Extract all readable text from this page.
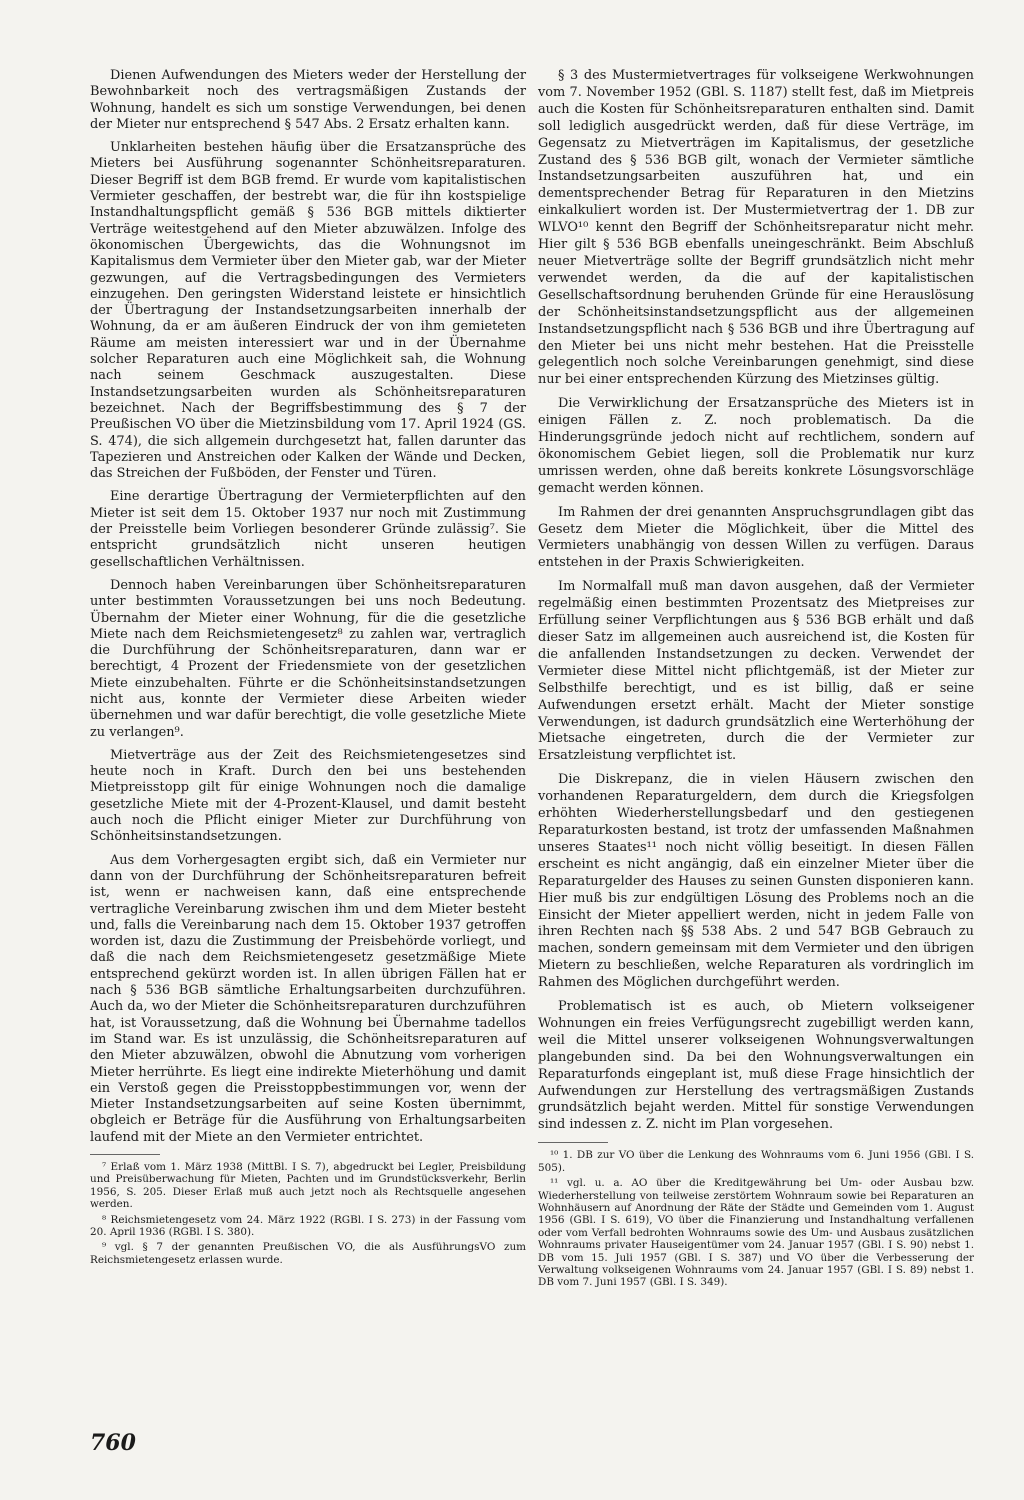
Dienen Aufwendungen des Mieters weder der Herstellung der Bewohnbarkeit noch des vertragsmäßigen Zustands der Wohnung, handelt es sich um sonstige Verwendungen, bei denen der Mieter nur entsprechend § 547 Abs. 2 Ersatz erhalten kann.

Unklarheiten bestehen häufig über die Ersatzansprüche des Mieters bei Ausführung sogenannter Schönheitsreparaturen. Dieser Begriff ist dem BGB fremd. Er wurde vom kapitalistischen Vermieter geschaffen, der bestrebt war, die für ihn kostspielige Instandhaltungspflicht gemäß § 536 BGB mittels diktierter Verträge weitestgehend auf den Mieter abzuwälzen. Infolge des ökonomischen Übergewichts, das die Wohnungsnot im Kapitalismus dem Vermieter über den Mieter gab, war der Mieter gezwungen, auf die Vertragsbedingungen des Vermieters einzugehen. Den geringsten Widerstand leistete er hinsichtlich der Übertragung der Instandsetzungsarbeiten innerhalb der Wohnung, da er am äußeren Eindruck der von ihm gemieteten Räume am meisten interessiert war und in der Übernahme solcher Reparaturen auch eine Möglichkeit sah, die Wohnung nach seinem Geschmack auszugestalten. Diese Instandsetzungsarbeiten wurden als Schönheitsreparaturen bezeichnet. Nach der Begriffsbestimmung des § 7 der Preußischen VO über die Mietzinsbildung vom 17. April 1924 (GS. S. 474), die sich allgemein durchgesetzt hat, fallen darunter das Tapezieren und Anstreichen oder Kalken der Wände und Decken, das Streichen der Fußböden, der Fenster und Türen.

Eine derartige Übertragung der Vermieterpflichten auf den Mieter ist seit dem 15. Oktober 1937 nur noch mit Zustimmung der Preisstelle beim Vorliegen besonderer Gründe zulässig⁷. Sie entspricht grundsätzlich nicht unseren heutigen gesellschaftlichen Verhältnissen.

Dennoch haben Vereinbarungen über Schönheitsreparaturen unter bestimmten Voraussetzungen bei uns noch Bedeutung. Übernahm der Mieter einer Wohnung, für die die gesetzliche Miete nach dem Reichsmietengesetz⁸ zu zahlen war, vertraglich die Durchführung der Schönheitsreparaturen, dann war er berechtigt, 4 Prozent der Friedensmiete von der gesetzlichen Miete einzubehalten. Führte er die Schönheitsinstandsetzungen nicht aus, konnte der Vermieter diese Arbeiten wieder übernehmen und war dafür berechtigt, die volle gesetzliche Miete zu verlangen⁹.

Mietverträge aus der Zeit des Reichsmietengesetzes sind heute noch in Kraft. Durch den bei uns bestehenden Mietpreisstopp gilt für einige Wohnungen noch die damalige gesetzliche Miete mit der 4-Prozent-Klausel, und damit besteht auch noch die Pflicht einiger Mieter zur Durchführung von Schönheitsinstandsetzungen.

Aus dem Vorhergesagten ergibt sich, daß ein Vermieter nur dann von der Durchführung der Schönheitsreparaturen befreit ist, wenn er nachweisen kann, daß eine entsprechende vertragliche Vereinbarung zwischen ihm und dem Mieter besteht und, falls die Vereinbarung nach dem 15. Oktober 1937 getroffen worden ist, dazu die Zustimmung der Preisbehörde vorliegt, und daß die nach dem Reichsmietengesetz gesetzmäßige Miete entsprechend gekürzt worden ist. In allen übrigen Fällen hat er nach § 536 BGB sämtliche Erhaltungsarbeiten durchzuführen. Auch da, wo der Mieter die Schönheitsreparaturen durchzuführen hat, ist Voraussetzung, daß die Wohnung bei Übernahme tadellos im Stand war. Es ist unzulässig, die Schönheitsreparaturen auf den Mieter abzuwälzen, obwohl die Abnutzung vom vorherigen Mieter herrührte. Es liegt eine indirekte Mieterhöhung und damit ein Verstoß gegen die Preisstoppbestimmungen vor, wenn der Mieter Instandsetzungsarbeiten auf seine Kosten übernimmt, obgleich er Beträge für die Ausführung von Erhaltungsarbeiten laufend mit der Miete an den Vermieter entrichtet.

⁷ Erlaß vom 1. März 1938 (MittBl. I S. 7), abgedruckt bei Legler, Preisbildung und Preisüberwachung für Mieten, Pachten und im Grundstücksverkehr, Berlin 1956, S. 205. Dieser Erlaß muß auch jetzt noch als Rechtsquelle angesehen werden.

⁸ Reichsmietengesetz vom 24. März 1922 (RGBl. I S. 273) in der Fassung vom 20. April 1936 (RGBl. I S. 380).

⁹ vgl. § 7 der genannten Preußischen VO, die als AusführungsVO zum Reichsmietengesetz erlassen wurde.

§ 3 des Mustermietvertrages für volkseigene Werkwohnungen vom 7. November 1952 (GBl. S. 1187) stellt fest, daß im Mietpreis auch die Kosten für Schönheitsreparaturen enthalten sind. Damit soll lediglich ausgedrückt werden, daß für diese Verträge, im Gegensatz zu Mietverträgen im Kapitalismus, der gesetzliche Zustand des § 536 BGB gilt, wonach der Vermieter sämtliche Instandsetzungsarbeiten auszuführen hat, und ein dementsprechender Betrag für Reparaturen in den Mietzins einkalkuliert worden ist. Der Mustermietvertrag der 1. DB zur WLVO¹⁰ kennt den Begriff der Schönheitsreparatur nicht mehr. Hier gilt § 536 BGB ebenfalls uneingeschränkt. Beim Abschluß neuer Mietverträge sollte der Begriff grundsätzlich nicht mehr verwendet werden, da die auf der kapitalistischen Gesellschaftsordnung beruhenden Gründe für eine Herauslösung der Schönheitsinstandsetzungspflicht aus der allgemeinen Instandsetzungspflicht nach § 536 BGB und ihre Übertragung auf den Mieter bei uns nicht mehr bestehen. Hat die Preisstelle gelegentlich noch solche Vereinbarungen genehmigt, sind diese nur bei einer entsprechenden Kürzung des Mietzinses gültig.

Die Verwirklichung der Ersatzansprüche des Mieters ist in einigen Fällen z. Z. noch problematisch. Da die Hinderungsgründe jedoch nicht auf rechtlichem, sondern auf ökonomischem Gebiet liegen, soll die Problematik nur kurz umrissen werden, ohne daß bereits konkrete Lösungsvorschläge gemacht werden können.

Im Rahmen der drei genannten Anspruchsgrundlagen gibt das Gesetz dem Mieter die Möglichkeit, über die Mittel des Vermieters unabhängig von dessen Willen zu verfügen. Daraus entstehen in der Praxis Schwierigkeiten.

Im Normalfall muß man davon ausgehen, daß der Vermieter regelmäßig einen bestimmten Prozentsatz des Mietpreises zur Erfüllung seiner Verpflichtungen aus § 536 BGB erhält und daß dieser Satz im allgemeinen auch ausreichend ist, die Kosten für die anfallenden Instandsetzungen zu decken. Verwendet der Vermieter diese Mittel nicht pflichtgemäß, ist der Mieter zur Selbsthilfe berechtigt, und es ist billig, daß er seine Aufwendungen ersetzt erhält. Macht der Mieter sonstige Verwendungen, ist dadurch grundsätzlich eine Werterhöhung der Mietsache eingetreten, durch die der Vermieter zur Ersatzleistung verpflichtet ist.

Die Diskrepanz, die in vielen Häusern zwischen den vorhandenen Reparaturgeldern, dem durch die Kriegsfolgen erhöhten Wiederherstellungsbedarf und den gestiegenen Reparaturkosten bestand, ist trotz der umfassenden Maßnahmen unseres Staates¹¹ noch nicht völlig beseitigt. In diesen Fällen erscheint es nicht angängig, daß ein einzelner Mieter über die Reparaturgelder des Hauses zu seinen Gunsten disponieren kann. Hier muß bis zur endgültigen Lösung des Problems noch an die Einsicht der Mieter appelliert werden, nicht in jedem Falle von ihren Rechten nach §§ 538 Abs. 2 und 547 BGB Gebrauch zu machen, sondern gemeinsam mit dem Vermieter und den übrigen Mietern zu beschließen, welche Reparaturen als vordringlich im Rahmen des Möglichen durchgeführt werden.

Problematisch ist es auch, ob Mietern volkseigener Wohnungen ein freies Verfügungsrecht zugebilligt werden kann, weil die Mittel unserer volkseigenen Wohnungsverwaltungen plangebunden sind. Da bei den Wohnungsverwaltungen ein Reparaturfonds eingeplant ist, muß diese Frage hinsichtlich der Aufwendungen zur Herstellung des vertragsmäßigen Zustands grundsätzlich bejaht werden. Mittel für sonstige Verwendungen sind indessen z. Z. nicht im Plan vorgesehen.

¹⁰ 1. DB zur VO über die Lenkung des Wohnraums vom 6. Juni 1956 (GBl. I S. 505).

¹¹ vgl. u. a. AO über die Kreditgewährung bei Um- oder Ausbau bzw. Wiederherstellung von teilweise zerstörtem Wohnraum sowie bei Reparaturen an Wohnhäusern auf Anordnung der Räte der Städte und Gemeinden vom 1. August 1956 (GBl. I S. 619), VO über die Finanzierung und Instandhaltung verfallenen oder vom Verfall bedrohten Wohnraums sowie des Um- und Ausbaus zusätzlichen Wohnraums privater Hauseigentümer vom 24. Januar 1957 (GBl. I S. 90) nebst 1. DB vom 15. Juli 1957 (GBl. I S. 387) und VO über die Verbesserung der Verwaltung volkseigenen Wohnraums vom 24. Januar 1957 (GBl. I S. 89) nebst 1. DB vom 7. Juni 1957 (GBl. I S. 349).

760
